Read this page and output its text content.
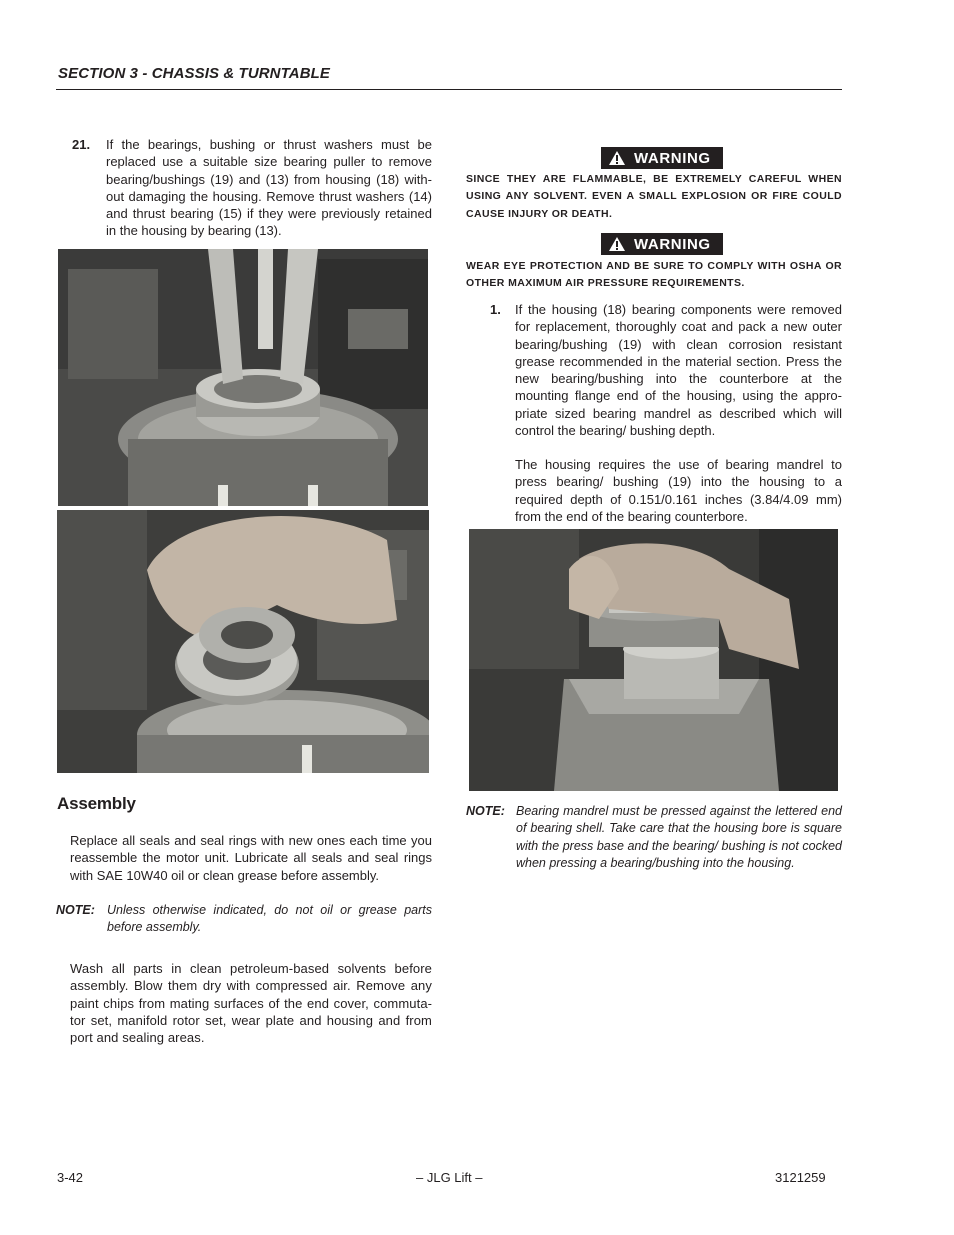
SECTION 3 - CHASSIS & TURNTABLE
21. If the bearings, bushing or thrust washers must be replaced use a suitable size bearing puller to remove bearing/bushings (19) and (13) from housing (18) without damaging the housing. Remove thrust washers (14) and thrust bearing (15) if they were previously retained in the housing by bearing (13).
Assembly
Replace all seals and seal rings with new ones each time you reassemble the motor unit. Lubricate all seals and seal rings with SAE 10W40 oil or clean grease before assembly.
NOTE: Unless otherwise indicated, do not oil or grease parts before assembly.
Wash all parts in clean petroleum-based solvents before assembly. Blow them dry with compressed air. Remove any paint chips from mating surfaces of the end cover, commutator set, manifold rotor set, wear plate and housing and from port and sealing areas.
WARNING
SINCE THEY ARE FLAMMABLE, BE EXTREMELY CAREFUL WHEN USING ANY SOLVENT. EVEN A SMALL EXPLOSION OR FIRE COULD CAUSE INJURY OR DEATH.
WARNING
WEAR EYE PROTECTION AND BE SURE TO COMPLY WITH OSHA OR OTHER MAXIMUM AIR PRESSURE REQUIREMENTS.
1. If the housing (18) bearing components were removed for replacement, thoroughly coat and pack a new outer bearing/bushing (19) with clean corrosion resistant grease recommended in the material section. Press the new bearing/bushing into the counterbore at the mounting flange end of the housing, using the appropriate sized bearing mandrel as described which will control the bearing/ bushing depth.
The housing requires the use of bearing mandrel to press bearing/ bushing (19) into the housing to a required depth of 0.151/0.161 inches (3.84/4.09 mm) from the end of the bearing counterbore.
NOTE: Bearing mandrel must be pressed against the lettered end of bearing shell. Take care that the housing bore is square with the press base and the bearing/ bushing is not cocked when pressing a bearing/bushing into the housing.
3-42	– JLG Lift –	3121259
